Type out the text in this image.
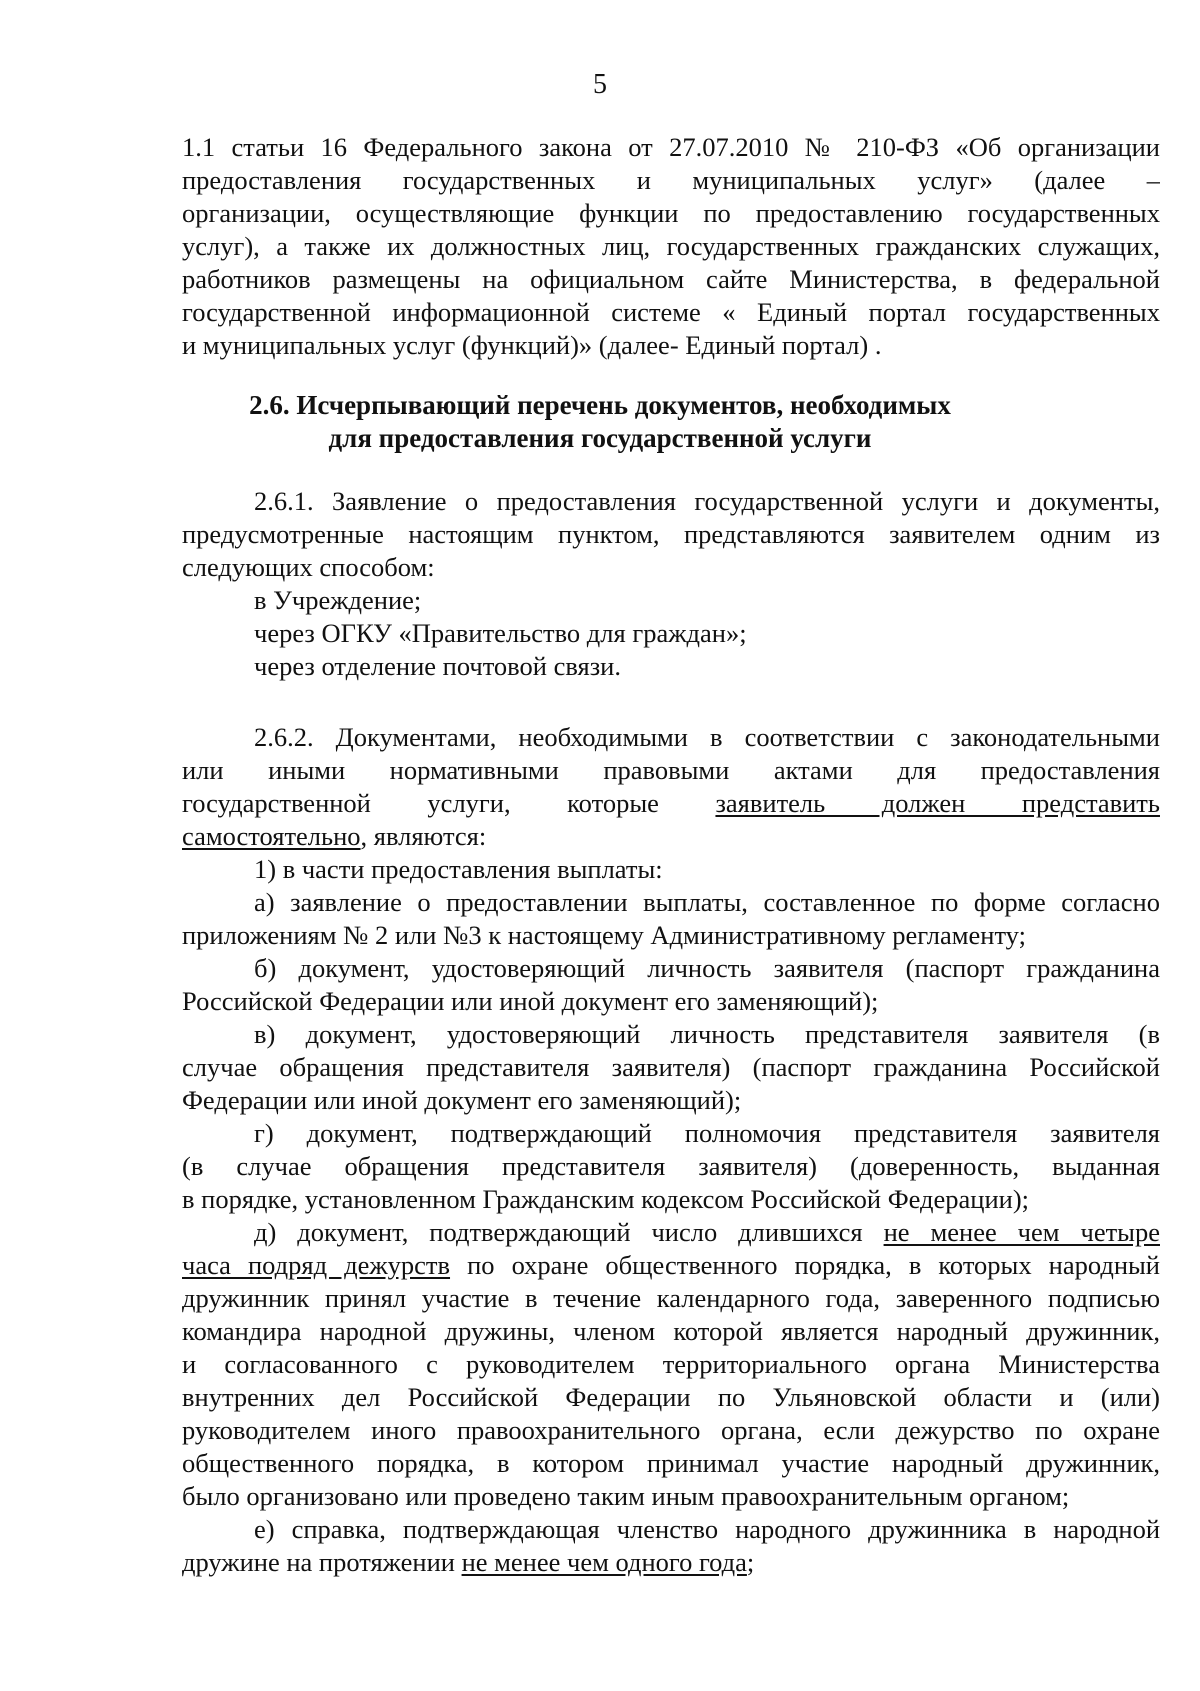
5
1.1 статьи 16 Федерального закона от 27.07.2010 № 210-ФЗ «Об организации
предоставления государственных и муниципальных услуг» (далее –
организации, осуществляющие функции по предоставлению государственных
услуг), а также их должностных лиц, государственных гражданских служащих,
работников размещены на официальном сайте Министерства, в федеральной
государственной информационной системе « Единый портал государственных
и муниципальных услуг (функций)» (далее- Единый портал) .
2.6. Исчерпывающий перечень документов, необходимых
для предоставления государственной услуги
2.6.1. Заявление о предоставления государственной услуги и документы,
предусмотренные настоящим пунктом, представляются заявителем одним из
следующих способом:
в Учреждение;
через ОГКУ «Правительство для граждан»;
через отделение почтовой связи.
2.6.2. Документами, необходимыми в соответствии с законодательными
или иными нормативными правовыми актами для предоставления
государственной услуги, которые заявитель должен представить
самостоятельно, являются:
1) в части предоставления выплаты:
а) заявление о предоставлении выплаты, составленное по форме согласно
приложениям № 2 или №3 к настоящему Административному регламенту;
б) документ, удостоверяющий личность заявителя (паспорт гражданина
Российской Федерации или иной документ его заменяющий);
в) документ, удостоверяющий личность представителя заявителя (в
случае обращения представителя заявителя) (паспорт гражданина Российской
Федерации или иной документ его заменяющий);
г) документ, подтверждающий полномочия представителя заявителя
(в случае обращения представителя заявителя) (доверенность, выданная
в порядке, установленном Гражданским кодексом Российской Федерации);
д) документ, подтверждающий число длившихся не менее чем четыре
часа подряд дежурств по охране общественного порядка, в которых народный
дружинник принял участие в течение календарного года, заверенного подписью
командира народной дружины, членом которой является народный дружинник,
и согласованного с руководителем территориального органа Министерства
внутренних дел Российской Федерации по Ульяновской области и (или)
руководителем иного правоохранительного органа, если дежурство по охране
общественного порядка, в котором принимал участие народный дружинник,
было организовано или проведено таким иным правоохранительным органом;
е) справка, подтверждающая членство народного дружинника в народной
дружине на протяжении не менее чем одного года;
